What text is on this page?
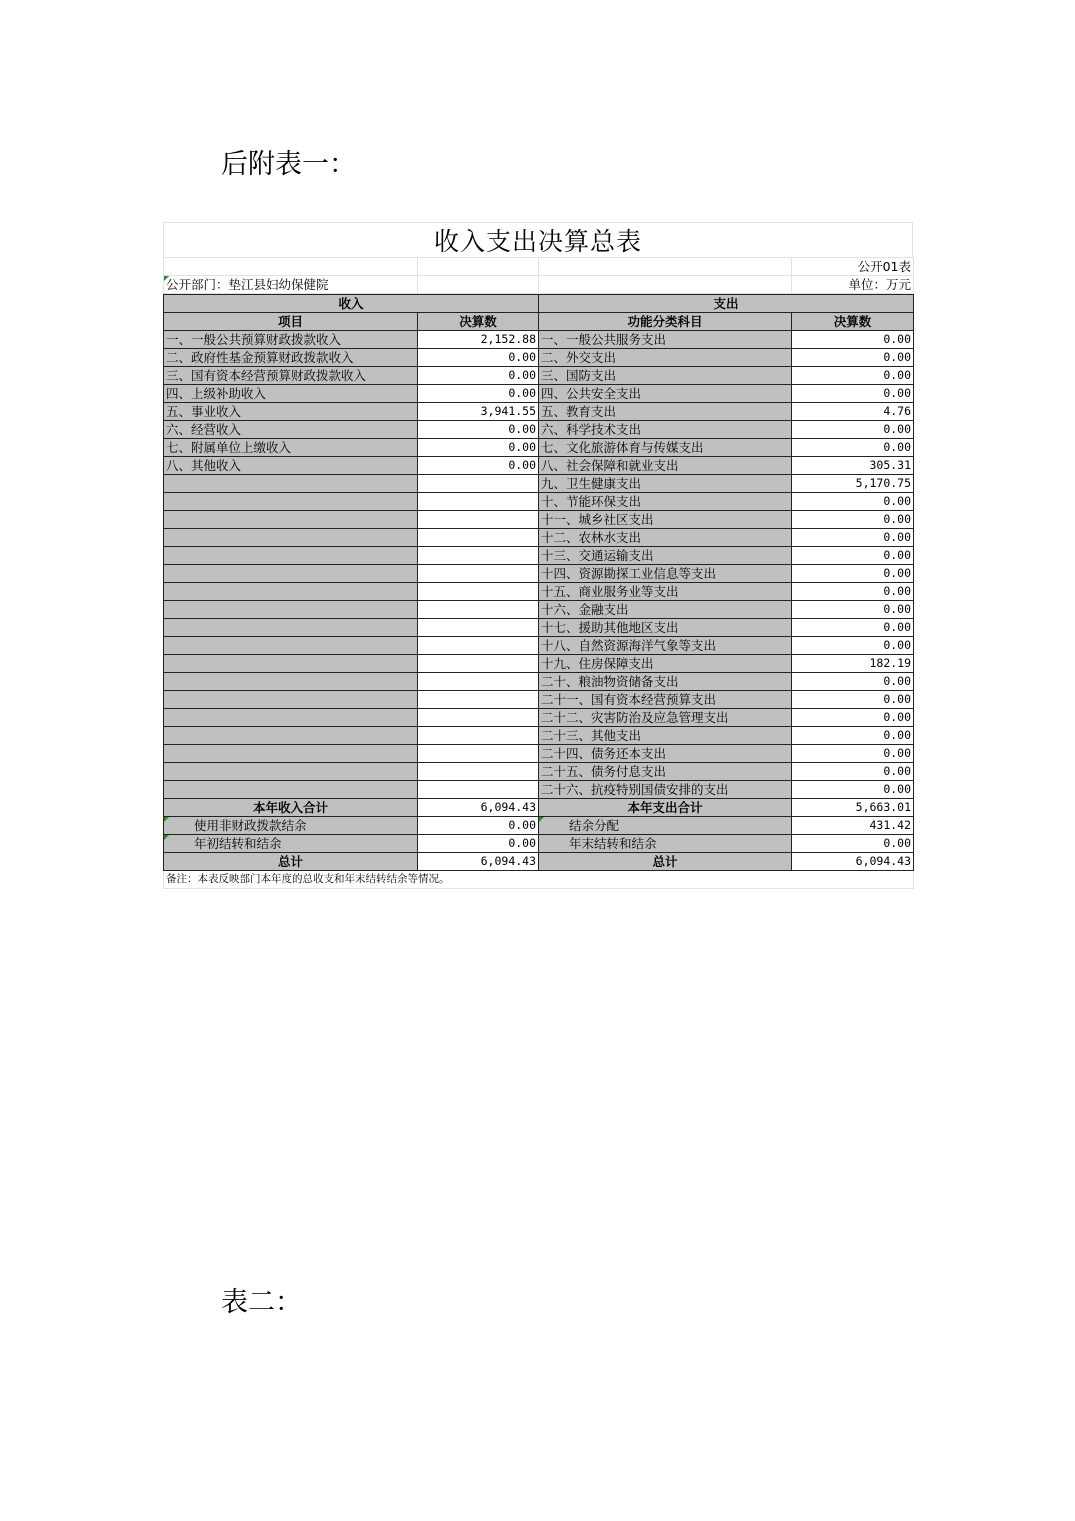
后附表一：
收入支出决算总表
			公开01表
公开部门：垫江县妇幼保健院			单位：万元
收入		支出	
项目	决算数	功能分类科目	决算数
一、一般公共预算财政拨款收入	2,152.88	一、一般公共服务支出	0.00
二、政府性基金预算财政拨款收入	0.00	二、外交支出	0.00
三、国有资本经营预算财政拨款收入	0.00	三、国防支出	0.00
四、上级补助收入	0.00	四、公共安全支出	0.00
五、事业收入	3,941.55	五、教育支出	4.76
六、经营收入	0.00	六、科学技术支出	0.00
七、附属单位上缴收入	0.00	七、文化旅游体育与传媒支出	0.00
八、其他收入	0.00	八、社会保障和就业支出	305.31
		九、卫生健康支出	5,170.75
		十、节能环保支出	0.00
		十一、城乡社区支出	0.00
		十二、农林水支出	0.00
		十三、交通运输支出	0.00
		十四、资源勘探工业信息等支出	0.00
		十五、商业服务业等支出	0.00
		十六、金融支出	0.00
		十七、援助其他地区支出	0.00
		十八、自然资源海洋气象等支出	0.00
		十九、住房保障支出	182.19
		二十、粮油物资储备支出	0.00
		二十一、国有资本经营预算支出	0.00
		二十二、灾害防治及应急管理支出	0.00
		二十三、其他支出	0.00
		二十四、债务还本支出	0.00
		二十五、债务付息支出	0.00
		二十六、抗疫特别国债安排的支出	0.00
本年收入合计	6,094.43	本年支出合计	5,663.01
使用非财政拨款结余	0.00	结余分配	431.42
年初结转和结余	0.00	年末结转和结余	0.00
总计	6,094.43	总计	6,094.43
备注：本表反映部门本年度的总收支和年末结转结余等情况。			
表二：
